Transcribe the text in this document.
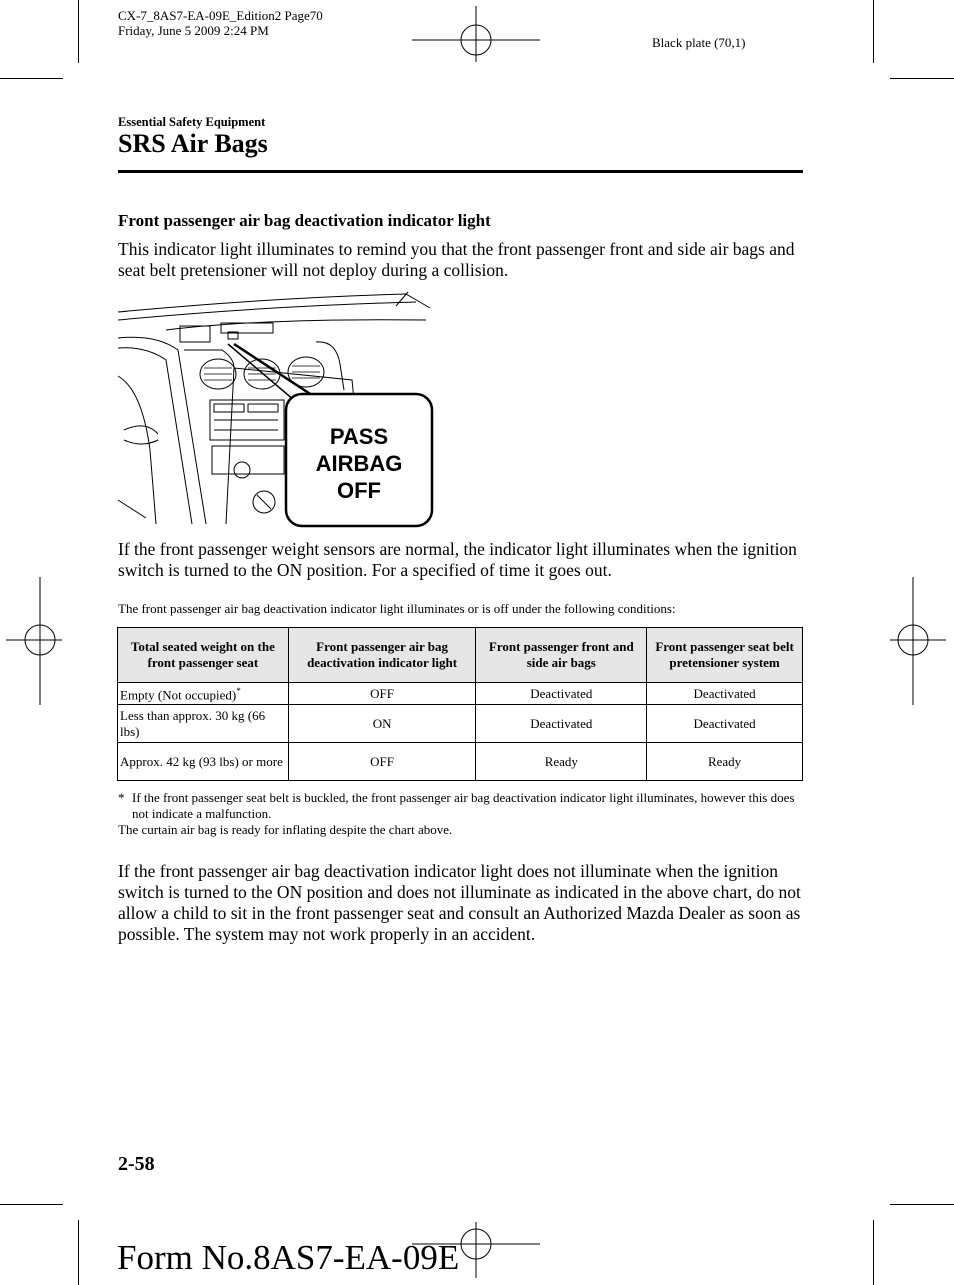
CX-7_8AS7-EA-09E_Edition2 Page70
Friday, June 5 2009 2:24 PM
Black plate (70,1)
Essential Safety Equipment
SRS Air Bags
Front passenger air bag deactivation indicator light
This indicator light illuminates to remind you that the front passenger front and side air bags and seat belt pretensioner will not deploy during a collision.
PASS
AIRBAG
OFF
If the front passenger weight sensors are normal, the indicator light illuminates when the ignition switch is turned to the ON position. For a specified of time it goes out.
The front passenger air bag deactivation indicator light illuminates or is off under the following conditions:
Total seated weight on the front passenger seat	Front passenger air bag deactivation indicator light	Front passenger front and side air bags	Front passenger seat belt pretensioner system
Empty (Not occupied)*	OFF	Deactivated	Deactivated
Less than approx. 30 kg (66 lbs)	ON	Deactivated	Deactivated
Approx. 42 kg (93 lbs) or more	OFF	Ready	Ready
* If the front passenger seat belt is buckled, the front passenger air bag deactivation indicator light illuminates, however this does not indicate a malfunction.
The curtain air bag is ready for inflating despite the chart above.
If the front passenger air bag deactivation indicator light does not illuminate when the ignition switch is turned to the ON position and does not illuminate as indicated in the above chart, do not allow a child to sit in the front passenger seat and consult an Authorized Mazda Dealer as soon as possible. The system may not work properly in an accident.
2-58
Form No.8AS7-EA-09E
